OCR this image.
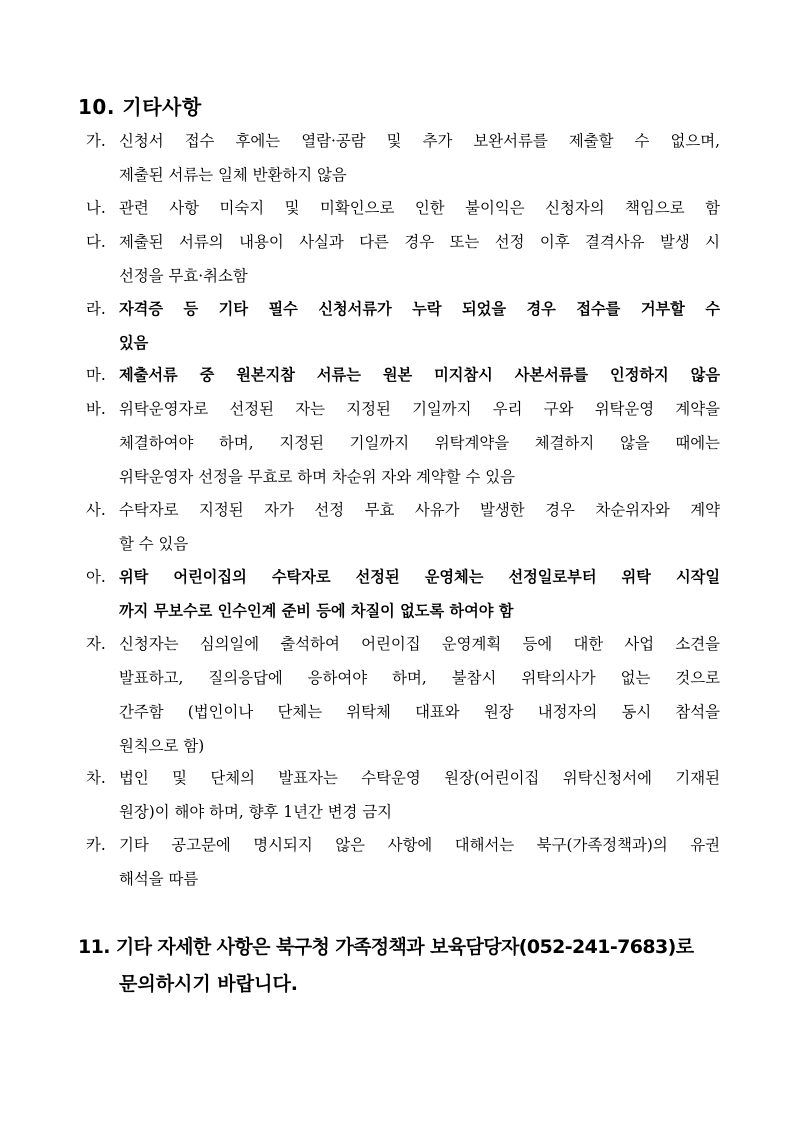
10. 기타사항
가. 신청서 접수 후에는 열람·공람 및 추가 보완서류를 제출할 수 없으며,
제출된 서류는 일체 반환하지 않음
나. 관련 사항 미숙지 및 미확인으로 인한 불이익은 신청자의 책임으로 함
다. 제출된 서류의 내용이 사실과 다른 경우 또는 선정 이후 결격사유 발생 시
선정을 무효·취소함
라. 자격증 등 기타 필수 신청서류가 누락 되었을 경우 접수를 거부할 수
있음
마. 제출서류 중 원본지참 서류는 원본 미지참시 사본서류를 인정하지 않음
바. 위탁운영자로 선정된 자는 지정된 기일까지 우리 구와 위탁운영 계약을
체결하여야 하며, 지정된 기일까지 위탁계약을 체결하지 않을 때에는
위탁운영자 선정을 무효로 하며 차순위 자와 계약할 수 있음
사. 수탁자로 지정된 자가 선정 무효 사유가 발생한 경우 차순위자와 계약
할 수 있음
아. 위탁 어린이집의 수탁자로 선정된 운영체는 선정일로부터 위탁 시작일
까지 무보수로 인수인계 준비 등에 차질이 없도록 하여야 함
자. 신청자는 심의일에 출석하여 어린이집 운영계획 등에 대한 사업 소견을
발표하고, 질의응답에 응하여야 하며, 불참시 위탁의사가 없는 것으로
간주함 (법인이나 단체는 위탁체 대표와 원장 내정자의 동시 참석을
원칙으로 함)
차. 법인 및 단체의 발표자는 수탁운영 원장(어린이집 위탁신청서에 기재된
원장)이 해야 하며, 향후 1년간 변경 금지
카. 기타 공고문에 명시되지 않은 사항에 대해서는 북구(가족정책과)의 유권
해석을 따름
11. 기타 자세한 사항은 북구청 가족정책과 보육담당자(052-241-7683)로
문의하시기 바랍니다.
